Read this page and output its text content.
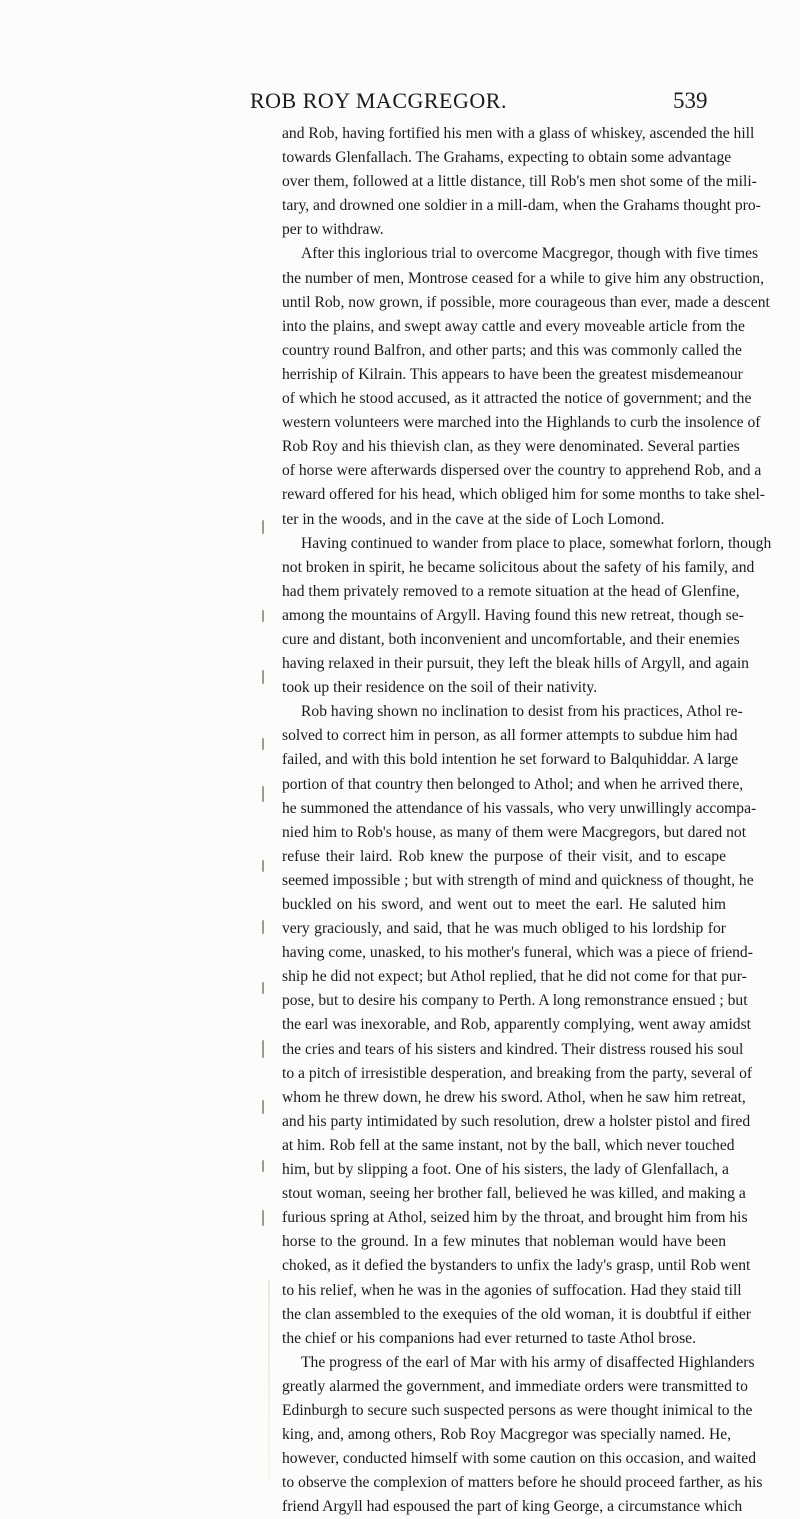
ROB ROY MACGREGOR.	539
and Rob, having fortified his men with a glass of whiskey, ascended the hill
towards Glenfallach. The Grahams, expecting to obtain some advantage
over them, followed at a little distance, till Rob's men shot some of the mili-
tary, and drowned one soldier in a mill-dam, when the Grahams thought pro-
per to withdraw.
After this inglorious trial to overcome Macgregor, though with five times
the number of men, Montrose ceased for a while to give him any obstruction,
until Rob, now grown, if possible, more courageous than ever, made a descent
into the plains, and swept away cattle and every moveable article from the
country round Balfron, and other parts; and this was commonly called the
herriship of Kilrain. This appears to have been the greatest misdemeanour
of which he stood accused, as it attracted the notice of government; and the
western volunteers were marched into the Highlands to curb the insolence of
Rob Roy and his thievish clan, as they were denominated. Several parties
of horse were afterwards dispersed over the country to apprehend Rob, and a
reward offered for his head, which obliged him for some months to take shel-
ter in the woods, and in the cave at the side of Loch Lomond.
Having continued to wander from place to place, somewhat forlorn, though
not broken in spirit, he became solicitous about the safety of his family, and
had them privately removed to a remote situation at the head of Glenfine,
among the mountains of Argyll. Having found this new retreat, though se-
cure and distant, both inconvenient and uncomfortable, and their enemies
having relaxed in their pursuit, they left the bleak hills of Argyll, and again
took up their residence on the soil of their nativity.
Rob having shown no inclination to desist from his practices, Athol re-
solved to correct him in person, as all former attempts to subdue him had
failed, and with this bold intention he set forward to Balquhiddar. A large
portion of that country then belonged to Athol; and when he arrived there,
he summoned the attendance of his vassals, who very unwillingly accompa-
nied him to Rob's house, as many of them were Macgregors, but dared not
refuse their laird. Rob knew the purpose of their visit, and to escape
seemed impossible ; but with strength of mind and quickness of thought, he
buckled on his sword, and went out to meet the earl. He saluted him
very graciously, and said, that he was much obliged to his lordship for
having come, unasked, to his mother's funeral, which was a piece of friend-
ship he did not expect; but Athol replied, that he did not come for that pur-
pose, but to desire his company to Perth. A long remonstrance ensued ; but
the earl was inexorable, and Rob, apparently complying, went away amidst
the cries and tears of his sisters and kindred. Their distress roused his soul
to a pitch of irresistible desperation, and breaking from the party, several of
whom he threw down, he drew his sword. Athol, when he saw him retreat,
and his party intimidated by such resolution, drew a holster pistol and fired
at him. Rob fell at the same instant, not by the ball, which never touched
him, but by slipping a foot. One of his sisters, the lady of Glenfallach, a
stout woman, seeing her brother fall, believed he was killed, and making a
furious spring at Athol, seized him by the throat, and brought him from his
horse to the ground. In a few minutes that nobleman would have been
choked, as it defied the bystanders to unfix the lady's grasp, until Rob went
to his relief, when he was in the agonies of suffocation. Had they staid till
the clan assembled to the exequies of the old woman, it is doubtful if either
the chief or his companions had ever returned to taste Athol brose.
The progress of the earl of Mar with his army of disaffected Highlanders
greatly alarmed the government, and immediate orders were transmitted to
Edinburgh to secure such suspected persons as were thought inimical to the
king, and, among others, Rob Roy Macgregor was specially named. He,
however, conducted himself with some caution on this occasion, and waited
to observe the complexion of matters before he should proceed farther, as his
friend Argyll had espoused the part of king George, a circumstance which
